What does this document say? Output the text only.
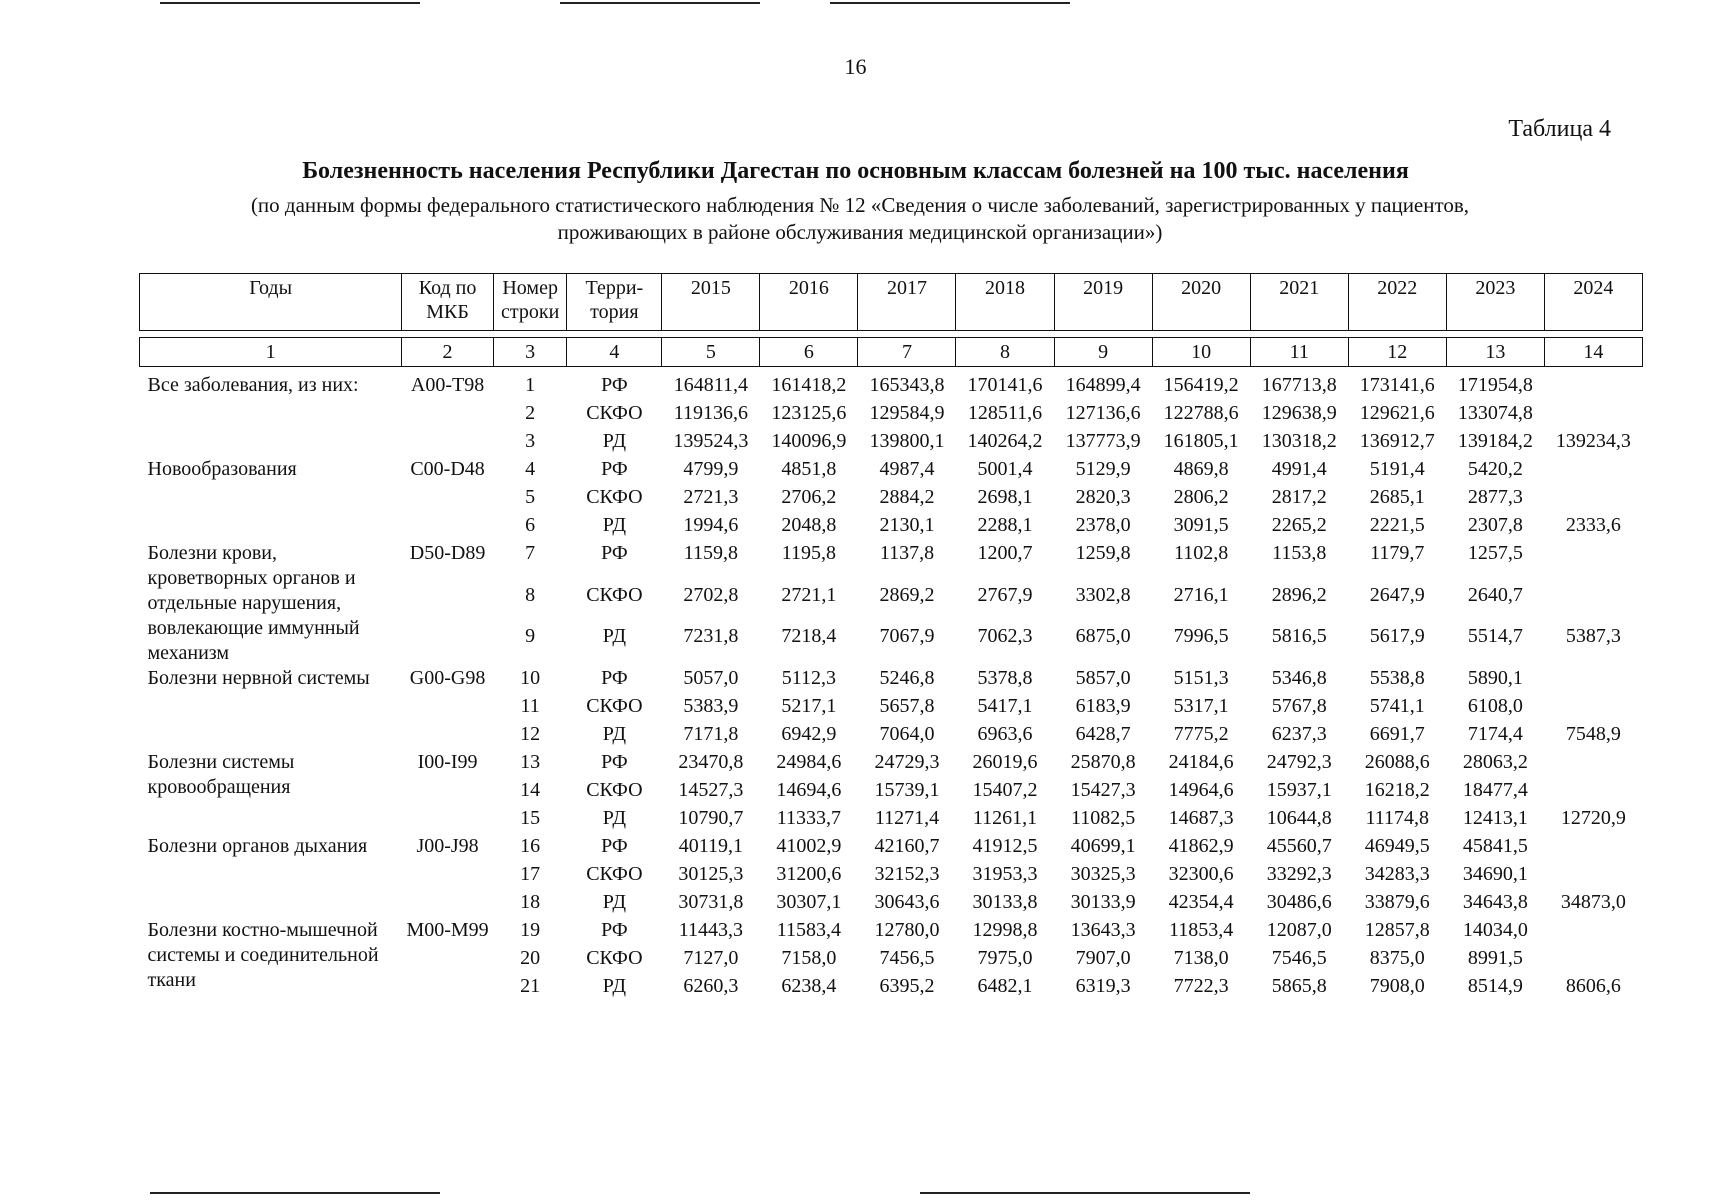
16
Таблица 4
Болезненность населения Республики Дагестан по основным классам болезней на 100 тыс. населения
(по данным формы федерального статистического наблюдения № 12 «Сведения о числе заболеваний, зарегистрированных у пациентов,
проживающих в районе обслуживания медицинской организации»)
Годы	Код по МКБ	Номер строки	Терри-тория	2015	2016	2017	2018	2019	2020	2021	2022	2023	2024

1	2	3	4	5	6	7	8	9	10	11	12	13	14

Все заболевания, из них:	A00-T98	1	РФ	164811,4	161418,2	165343,8	170141,6	164899,4	156419,2	167713,8	173141,6	171954,8	
		2	СКФО	119136,6	123125,6	129584,9	128511,6	127136,6	122788,6	129638,9	129621,6	133074,8	
		3	РД	139524,3	140096,9	139800,1	140264,2	137773,9	161805,1	130318,2	136912,7	139184,2	139234,3
Новообразования	C00-D48	4	РФ	4799,9	4851,8	4987,4	5001,4	5129,9	4869,8	4991,4	5191,4	5420,2	
		5	СКФО	2721,3	2706,2	2884,2	2698,1	2820,3	2806,2	2817,2	2685,1	2877,3	
		6	РД	1994,6	2048,8	2130,1	2288,1	2378,0	3091,5	2265,2	2221,5	2307,8	2333,6
Болезни крови, кроветворных органов и отдельные нарушения, вовлекающие иммунный механизм	D50-D89	7	РФ	1159,8	1195,8	1137,8	1200,7	1259,8	1102,8	1153,8	1179,7	1257,5	
		8	СКФО	2702,8	2721,1	2869,2	2767,9	3302,8	2716,1	2896,2	2647,9	2640,7	
		9	РД	7231,8	7218,4	7067,9	7062,3	6875,0	7996,5	5816,5	5617,9	5514,7	5387,3
Болезни нервной системы	G00-G98	10	РФ	5057,0	5112,3	5246,8	5378,8	5857,0	5151,3	5346,8	5538,8	5890,1	
		11	СКФО	5383,9	5217,1	5657,8	5417,1	6183,9	5317,1	5767,8	5741,1	6108,0	
		12	РД	7171,8	6942,9	7064,0	6963,6	6428,7	7775,2	6237,3	6691,7	7174,4	7548,9
Болезни системы кровообращения	I00-I99	13	РФ	23470,8	24984,6	24729,3	26019,6	25870,8	24184,6	24792,3	26088,6	28063,2	
		14	СКФО	14527,3	14694,6	15739,1	15407,2	15427,3	14964,6	15937,1	16218,2	18477,4	
		15	РД	10790,7	11333,7	11271,4	11261,1	11082,5	14687,3	10644,8	11174,8	12413,1	12720,9
Болезни органов дыхания	J00-J98	16	РФ	40119,1	41002,9	42160,7	41912,5	40699,1	41862,9	45560,7	46949,5	45841,5	
		17	СКФО	30125,3	31200,6	32152,3	31953,3	30325,3	32300,6	33292,3	34283,3	34690,1	
		18	РД	30731,8	30307,1	30643,6	30133,8	30133,9	42354,4	30486,6	33879,6	34643,8	34873,0
Болезни костно-мышечной системы и соединительной ткани	M00-M99	19	РФ	11443,3	11583,4	12780,0	12998,8	13643,3	11853,4	12087,0	12857,8	14034,0	
		20	СКФО	7127,0	7158,0	7456,5	7975,0	7907,0	7138,0	7546,5	8375,0	8991,5	
		21	РД	6260,3	6238,4	6395,2	6482,1	6319,3	7722,3	5865,8	7908,0	8514,9	8606,6
